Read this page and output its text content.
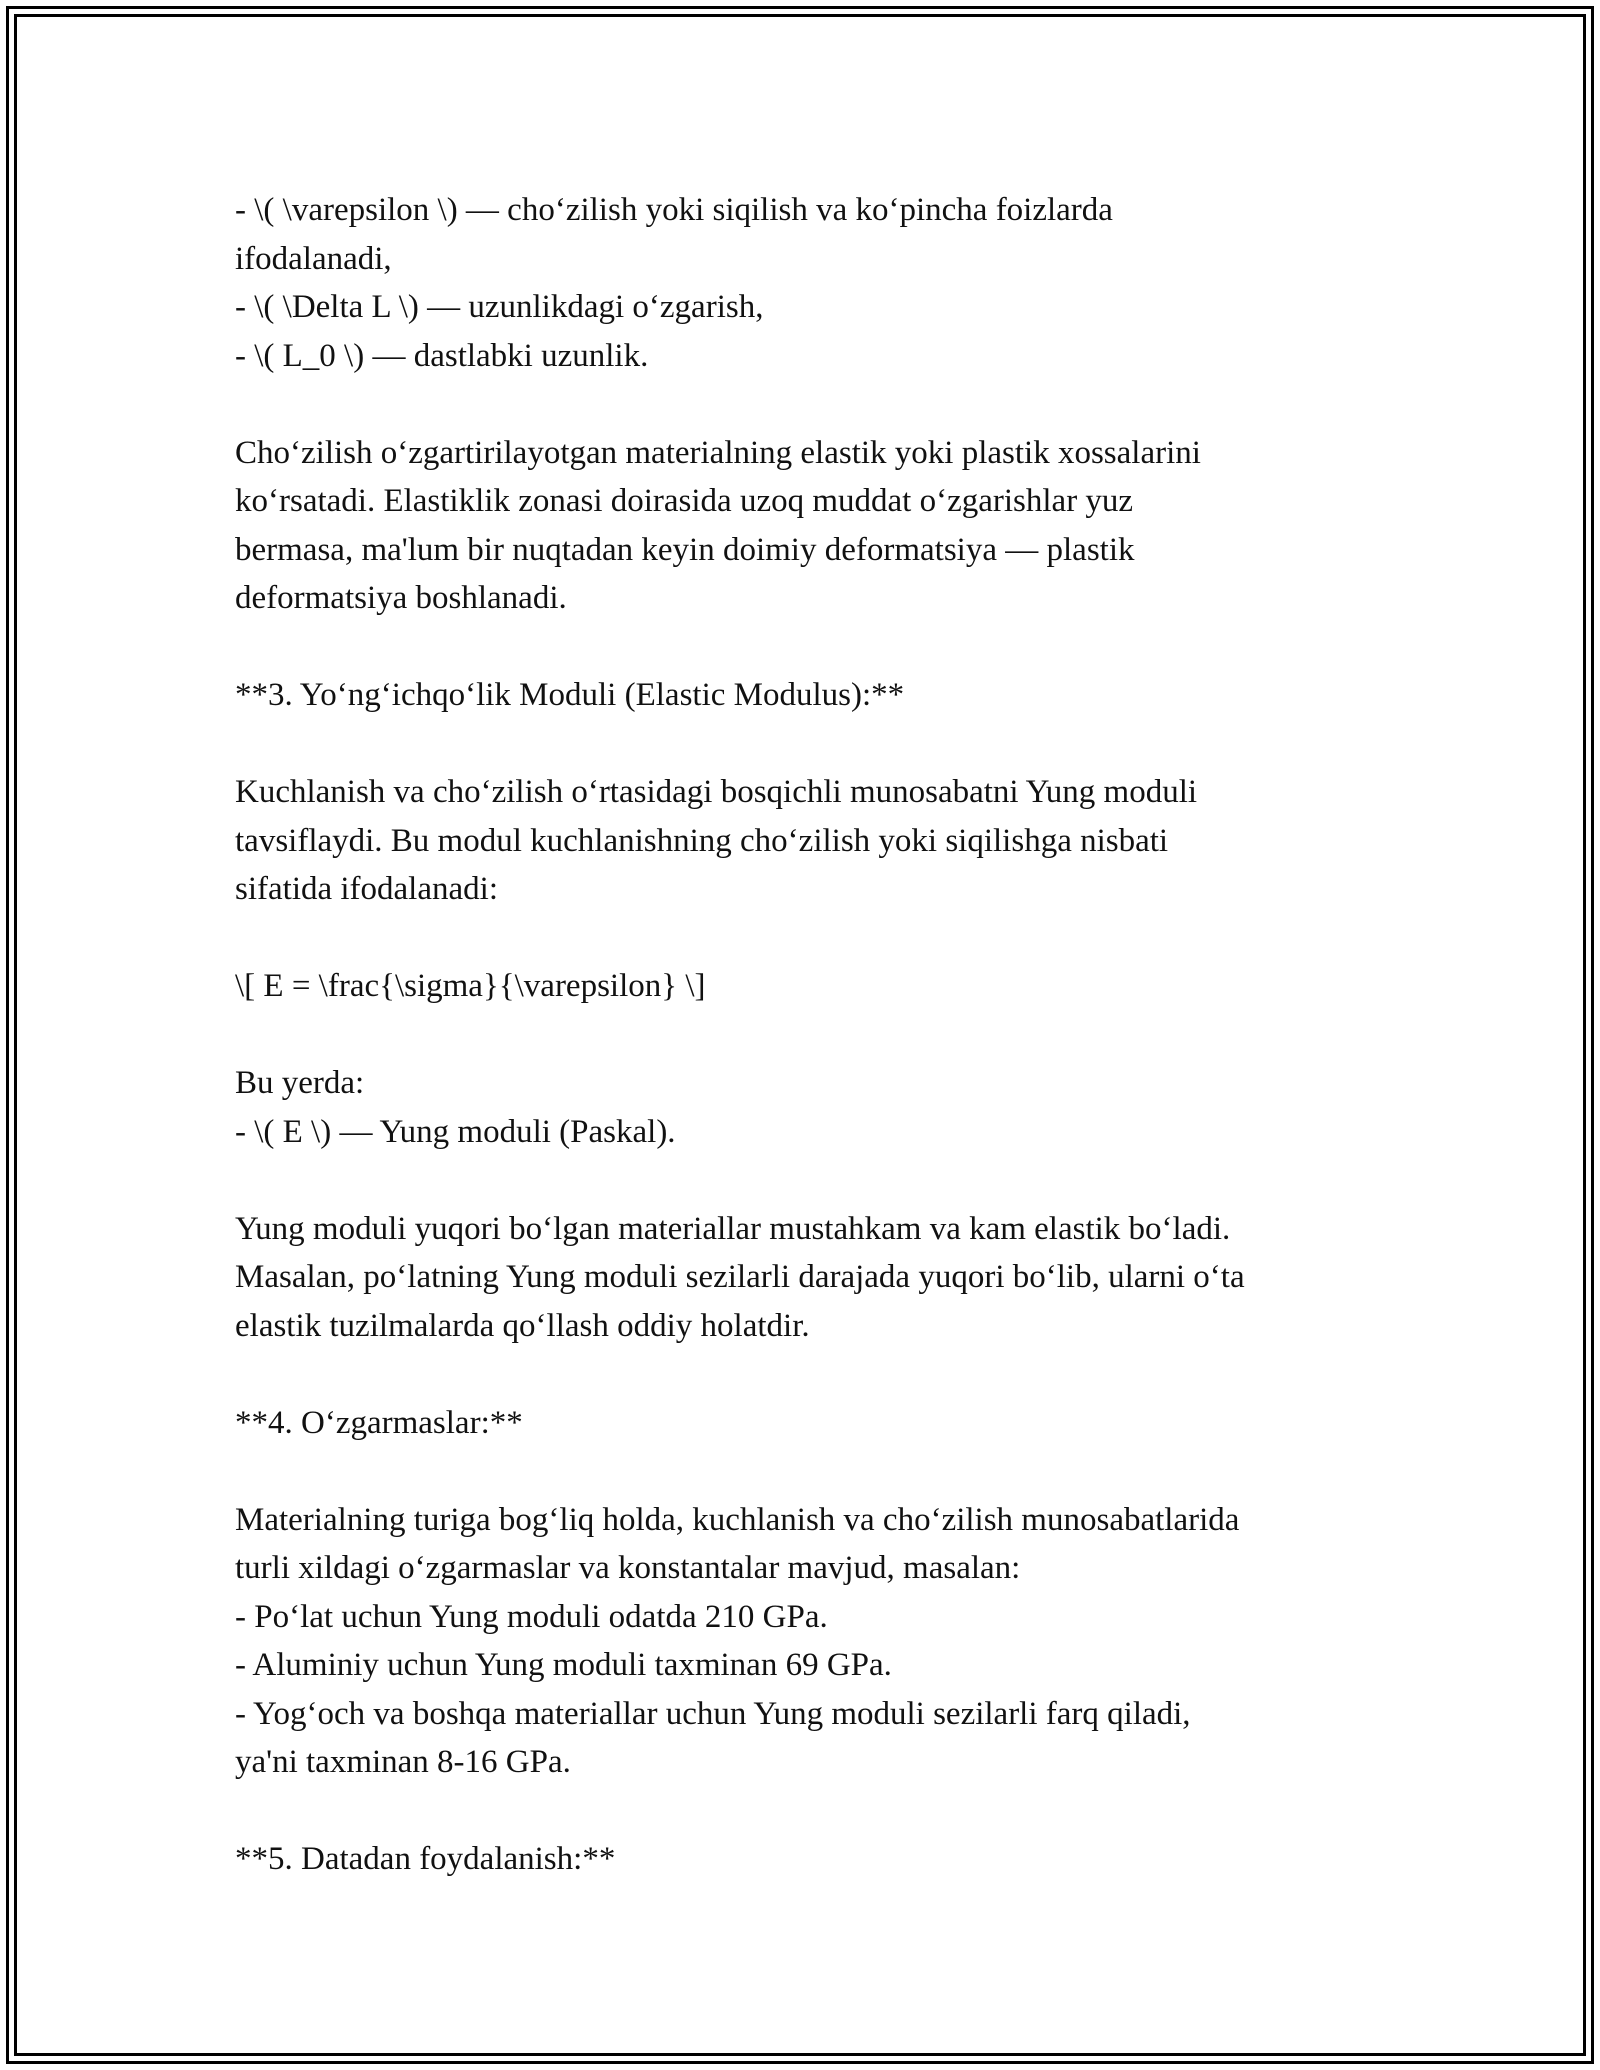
- \( \varepsilon \) — cho‘zilish yoki siqilish va ko‘pincha foizlarda
ifodalanadi,
- \( \Delta L \) — uzunlikdagi o‘zgarish,
- \( L_0 \) — dastlabki uzunlik.
Cho‘zilish o‘zgartirilayotgan materialning elastik yoki plastik xossalarini
ko‘rsatadi. Elastiklik zonasi doirasida uzoq muddat o‘zgarishlar yuz
bermasa, ma'lum bir nuqtadan keyin doimiy deformatsiya — plastik
deformatsiya boshlanadi.
**3. Yo‘ng‘ichqo‘lik Moduli (Elastic Modulus):**
Kuchlanish va cho‘zilish o‘rtasidagi bosqichli munosabatni Yung moduli
tavsiflaydi. Bu modul kuchlanishning cho‘zilish yoki siqilishga nisbati
sifatida ifodalanadi:
\[ E = \frac{\sigma}{\varepsilon} \]
Bu yerda:
- \( E \) — Yung moduli (Paskal).
Yung moduli yuqori bo‘lgan materiallar mustahkam va kam elastik bo‘ladi.
Masalan, po‘latning Yung moduli sezilarli darajada yuqori bo‘lib, ularni o‘ta
elastik tuzilmalarda qo‘llash oddiy holatdir.
**4. O‘zgarmaslar:**
Materialning turiga bog‘liq holda, kuchlanish va cho‘zilish munosabatlarida
turli xildagi o‘zgarmaslar va konstantalar mavjud, masalan:
- Po‘lat uchun Yung moduli odatda 210 GPa.
- Aluminiy uchun Yung moduli taxminan 69 GPa.
- Yog‘och va boshqa materiallar uchun Yung moduli sezilarli farq qiladi,
ya'ni taxminan 8-16 GPa.
**5. Datadan foydalanish:**
